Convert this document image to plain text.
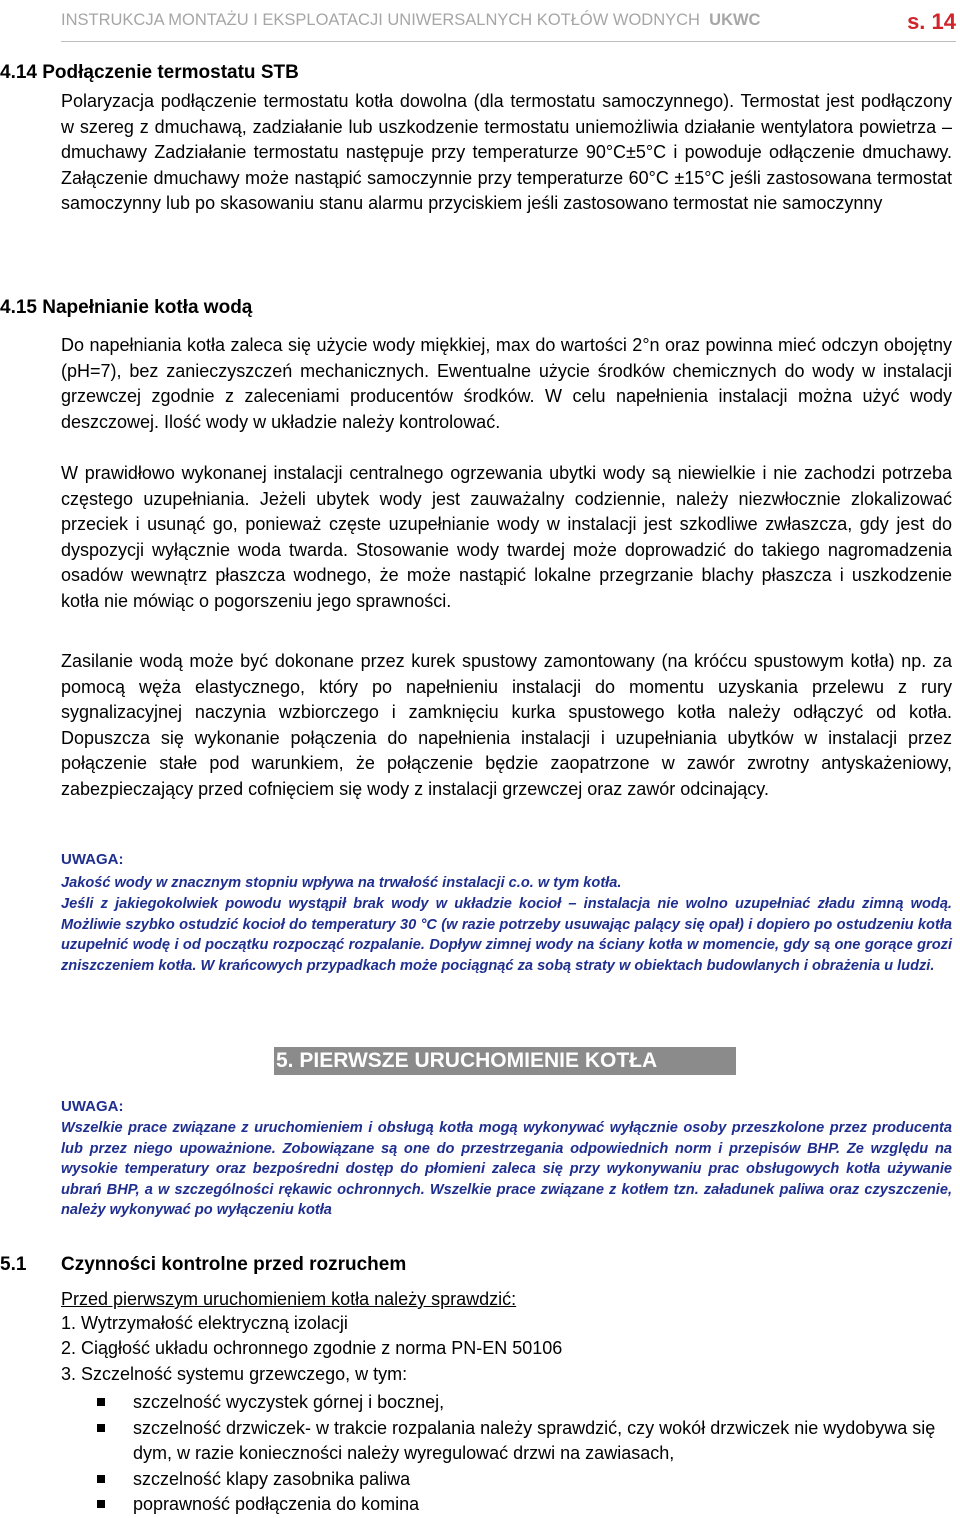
INSTRUKCJA MONTAŻU I EKSPLOATACJI UNIWERSALNYCH KOTŁÓW WODNYCH UKWC	s. 14
4.14 Podłączenie termostatu STB

Polaryzacja podłączenie termostatu kotła dowolna (dla termostatu samoczynnego). Termostat jest podłączony w szereg z dmuchawą, zadziałanie lub uszkodzenie termostatu uniemożliwia działanie wentylatora powietrza – dmuchawy Zadziałanie termostatu następuje przy temperaturze 90°C±5°C i powoduje odłączenie dmuchawy. Załączenie dmuchawy może nastąpić samoczynnie przy temperaturze 60°C ±15°C jeśli zastosowana termostat samoczynny lub po skasowaniu stanu alarmu przyciskiem jeśli zastosowano termostat nie samoczynny

4.15 Napełnianie kotła wodą

Do napełniania kotła zaleca się użycie wody miękkiej, max do wartości 2°n oraz powinna mieć odczyn obojętny (pH=7), bez zanieczyszczeń mechanicznych. Ewentualne użycie środków chemicznych do wody w instalacji grzewczej zgodnie z zaleceniami producentów środków. W celu napełnienia instalacji można użyć wody deszczowej. Ilość wody w układzie należy kontrolować.

W prawidłowo wykonanej instalacji centralnego ogrzewania ubytki wody są niewielkie i nie zachodzi potrzeba częstego uzupełniania. Jeżeli ubytek wody jest zauważalny codziennie, należy niezwłocznie zlokalizować przeciek i usunąć go, ponieważ częste uzupełnianie wody w instalacji jest szkodliwe zwłaszcza, gdy jest do dyspozycji wyłącznie woda twarda. Stosowanie wody twardej może doprowadzić do takiego nagromadzenia osadów wewnątrz płaszcza wodnego, że może nastąpić lokalne przegrzanie blachy płaszcza i uszkodzenie kotła nie mówiąc o pogorszeniu jego sprawności.

Zasilanie wodą może być dokonane przez kurek spustowy zamontowany (na króćcu spustowym kotła) np. za pomocą węża elastycznego, który po napełnieniu instalacji do momentu uzyskania przelewu z rury sygnalizacyjnej naczynia wzbiorczego i zamknięciu kurka spustowego kotła należy odłączyć od kotła. Dopuszcza się wykonanie połączenia do napełnienia instalacji i uzupełniania ubytków w instalacji przez połączenie stałe pod warunkiem, że połączenie będzie zaopatrzone w zawór zwrotny antyskażeniowy, zabezpieczający przed cofnięciem się wody z instalacji grzewczej oraz zawór odcinający.

UWAGA:

Jakość wody w znacznym stopniu wpływa na trwałość instalacji c.o. w tym kotła.

Jeśli z jakiegokolwiek powodu wystąpił brak wody w układzie kocioł – instalacja nie wolno uzupełniać zładu zimną wodą. Możliwie szybko ostudzić kocioł do temperatury 30 °C (w razie potrzeby usuwając palący się opał) i dopiero po ostudzeniu kotła uzupełnić wodę i od początku rozpocząć rozpalanie. Dopływ zimnej wody na ściany kotła w momencie, gdy są one gorące grozi zniszczeniem kotła. W krańcowych przypadkach może pociągnąć za sobą straty w obiektach budowlanych i obrażenia u ludzi.

5. PIERWSZE URUCHOMIENIE KOTŁA
UWAGA:

Wszelkie prace związane z uruchomieniem i obsługą kotła mogą wykonywać wyłącznie osoby przeszkolone przez producenta lub przez niego upoważnione. Zobowiązane są one do przestrzegania odpowiednich norm i przepisów BHP. Ze względu na wysokie temperatury oraz bezpośredni dostęp do płomieni zaleca się przy wykonywaniu prac obsługowych kotła używanie ubrań BHP, a w szczególności rękawic ochronnych. Wszelkie prace związane z kotłem tzn. załadunek paliwa oraz czyszczenie, należy wykonywać po wyłączeniu kotła

5.1 Czynności kontrolne przed rozruchem
Przed pierwszym uruchomieniem kotła należy sprawdzić:
1. Wytrzymałość elektryczną izolacji
2. Ciągłość układu ochronnego zgodnie z norma PN-EN 50106
3. Szczelność systemu grzewczego, w tym:
szczelność wyczystek górnej i bocznej,
szczelność drzwiczek- w trakcie rozpalania należy sprawdzić, czy wokół drzwiczek nie wydobywa się dym, w razie konieczności należy wyregulować drzwi na zawiasach,
szczelność klapy zasobnika paliwa
poprawność podłączenia do komina
